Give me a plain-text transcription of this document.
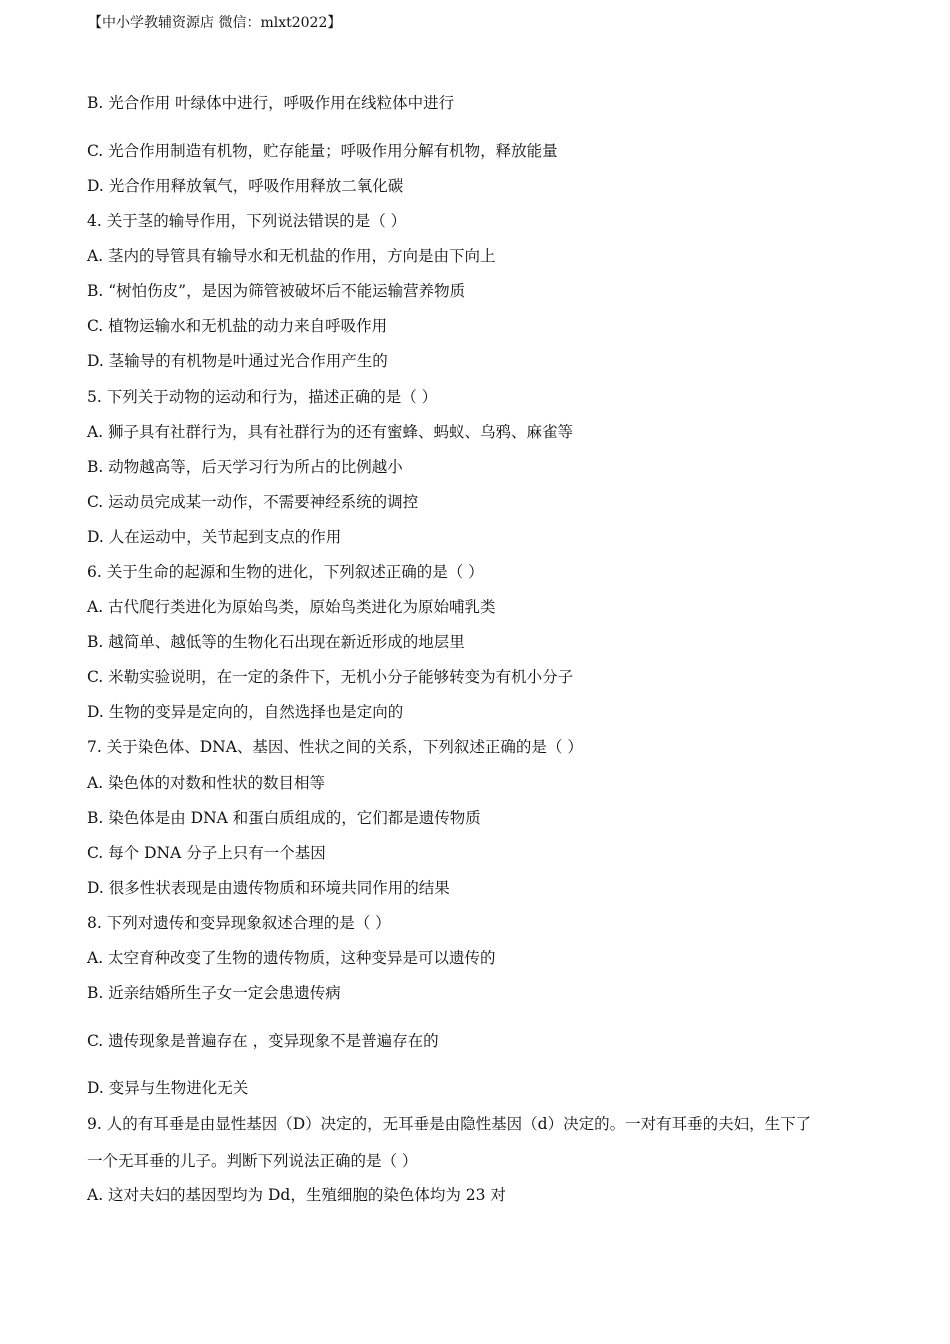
【中小学教辅资源店 微信：mlxt2022】
B. 光合作用 叶绿体中进行，呼吸作用在线粒体中进行
C. 光合作用制造有机物，贮存能量；呼吸作用分解有机物，释放能量
D. 光合作用释放氧气，呼吸作用释放二氧化碳
4. 关于茎的输导作用，下列说法错误的是（ ）
A. 茎内的导管具有输导水和无机盐的作用，方向是由下向上
B. “树怕伤皮”，是因为筛管被破坏后不能运输营养物质
C. 植物运输水和无机盐的动力来自呼吸作用
D. 茎输导的有机物是叶通过光合作用产生的
5. 下列关于动物的运动和行为，描述正确的是（ ）
A. 狮子具有社群行为，具有社群行为的还有蜜蜂、蚂蚁、乌鸦、麻雀等
B. 动物越高等，后天学习行为所占的比例越小
C. 运动员完成某一动作，不需要神经系统的调控
D. 人在运动中，关节起到支点的作用
6. 关于生命的起源和生物的进化，下列叙述正确的是（ ）
A. 古代爬行类进化为原始鸟类，原始鸟类进化为原始哺乳类
B. 越简单、越低等的生物化石出现在新近形成的地层里
C. 米勒实验说明，在一定的条件下，无机小分子能够转变为有机小分子
D. 生物的变异是定向的，自然选择也是定向的
7. 关于染色体、DNA、基因、性状之间的关系，下列叙述正确的是（ ）
A. 染色体的对数和性状的数目相等
B. 染色体是由 DNA 和蛋白质组成的，它们都是遗传物质
C. 每个 DNA 分子上只有一个基因
D. 很多性状表现是由遗传物质和环境共同作用的结果
8. 下列对遗传和变异现象叙述合理的是（ ）
A. 太空育种改变了生物的遗传物质，这种变异是可以遗传的
B. 近亲结婚所生子女一定会患遗传病
C. 遗传现象是普遍存在 ，变异现象不是普遍存在的
D. 变异与生物进化无关
9. 人的有耳垂是由显性基因（D）决定的，无耳垂是由隐性基因（d）决定的。一对有耳垂的夫妇，生下了
一个无耳垂的儿子。判断下列说法正确的是（ ）
A. 这对夫妇的基因型均为 Dd，生殖细胞的染色体均为 23 对
